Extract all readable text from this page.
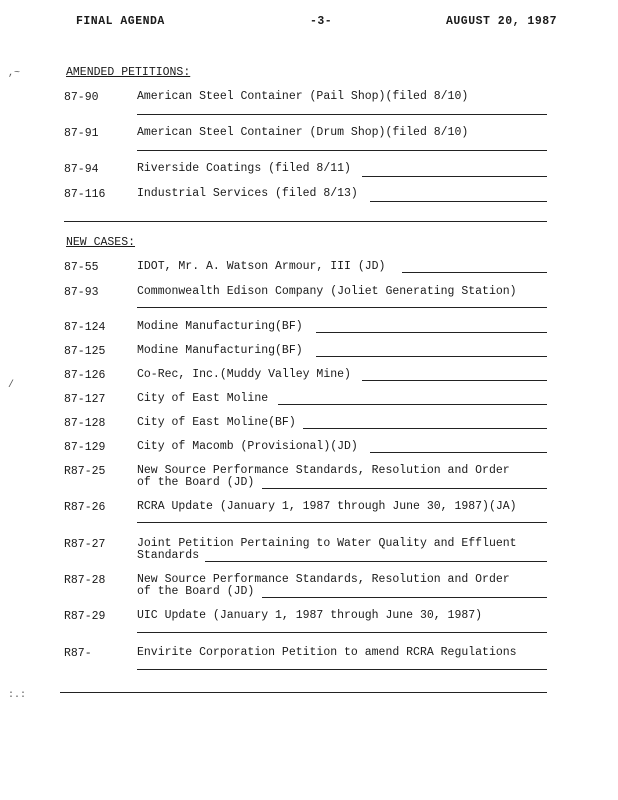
FINAL AGENDA	-3-	AUGUST 20, 1987
,~
/
:.:
AMENDED PETITIONS:
87-90	American Steel Container (Pail Shop)(filed 8/10)
87-91	American Steel Container (Drum Shop)(filed 8/10)
87-94	Riverside Coatings (filed 8/11)
87-116	Industrial Services (filed 8/13)
NEW CASES:
87-55	IDOT, Mr. A. Watson Armour, III (JD)
87-93	Commonwealth Edison Company (Joliet Generating Station)
87-124	Modine Manufacturing(BF)
87-125	Modine Manufacturing(BF)
87-126	Co-Rec, Inc.(Muddy Valley Mine)
87-127	City of East Moline
87-128	City of East Moline(BF)
87-129	City of Macomb (Provisional)(JD)
R87-25	New Source Performance Standards, Resolution and Order
of the Board (JD)
R87-26	RCRA Update (January 1, 1987 through June 30, 1987)(JA)
R87-27	Joint Petition Pertaining to Water Quality and Effluent
Standards
R87-28	New Source Performance Standards, Resolution and Order
of the Board (JD)
R87-29	UIC Update (January 1, 1987 through June 30, 1987)
R87-	Envirite Corporation Petition to amend RCRA Regulations
